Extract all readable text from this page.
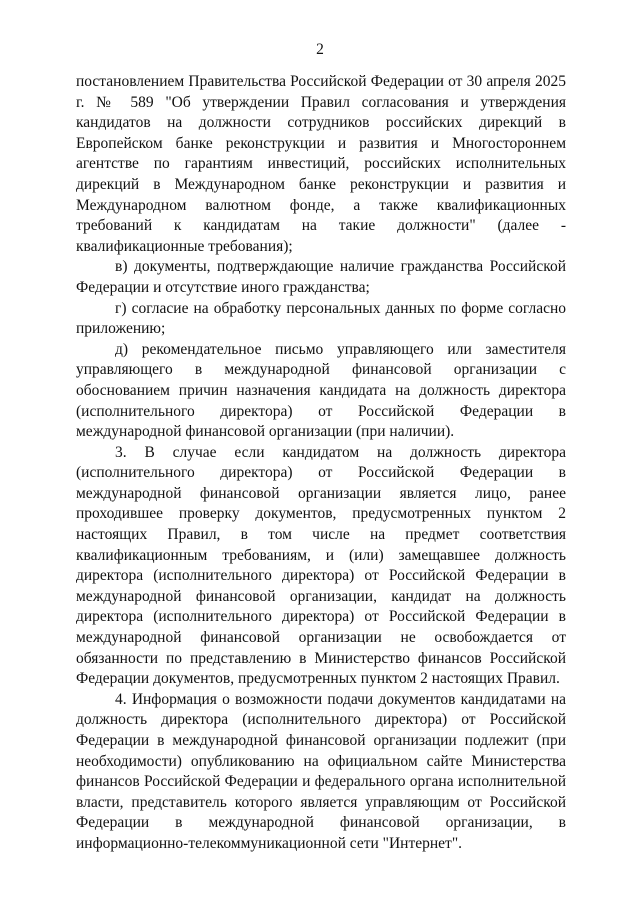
2

постановлением Правительства Российской Федерации от 30 апреля 2025 г. № 589 "Об утверждении Правил согласования и утверждения кандидатов на должности сотрудников российских дирекций в Европейском банке реконструкции и развития и Многостороннем агентстве по гарантиям инвестиций, российских исполнительных дирекций в Международном банке реконструкции и развития и Международном валютном фонде, а также квалификационных требований к кандидатам на такие должности" (далее - квалификационные требования);

в) документы, подтверждающие наличие гражданства Российской Федерации и отсутствие иного гражданства;

г) согласие на обработку персональных данных по форме согласно приложению;

д) рекомендательное письмо управляющего или заместителя управляющего в международной финансовой организации с обоснованием причин назначения кандидата на должность директора (исполнительного директора) от Российской Федерации в международной финансовой организации (при наличии).

3. В случае если кандидатом на должность директора (исполнительного директора) от Российской Федерации в международной финансовой организации является лицо, ранее проходившее проверку документов, предусмотренных пунктом 2 настоящих Правил, в том числе на предмет соответствия квалификационным требованиям, и (или) замещавшее должность директора (исполнительного директора) от Российской Федерации в международной финансовой организации, кандидат на должность директора (исполнительного директора) от Российской Федерации в международной финансовой организации не освобождается от обязанности по представлению в Министерство финансов Российской Федерации документов, предусмотренных пунктом 2 настоящих Правил.

4. Информация о возможности подачи документов кандидатами на должность директора (исполнительного директора) от Российской Федерации в международной финансовой организации подлежит (при необходимости) опубликованию на официальном сайте Министерства финансов Российской Федерации и федерального органа исполнительной власти, представитель которого является управляющим от Российской Федерации в международной финансовой организации, в информационно-телекоммуникационной сети "Интернет".
